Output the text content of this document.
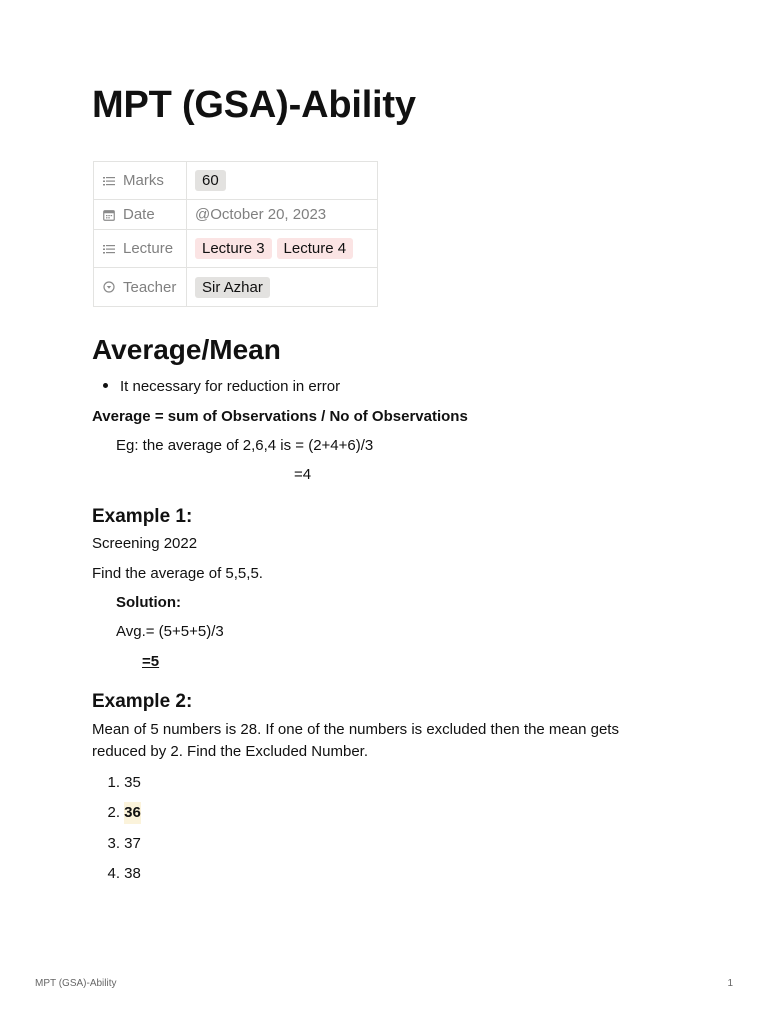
MPT (GSA)-Ability
Marks	60

Date	@October 20, 2023

Lecture	Lecture 3 Lecture 4

Teacher	Sir Azhar
Average/Mean
It necessary for reduction in error

Average = sum of Observations / No of Observations

Eg: the average of 2,6,4 is = (2+4+6)/3

=4

Example 1:

Screening 2022

Find the average of 5,5,5.

Solution:

Avg.= (5+5+5)/3

=5

Example 2:

Mean of 5 numbers is 28. If one of the numbers is excluded then the mean gets reduced by 2. Find the Excluded Number.

1. 35
2. 36
3. 37
4. 38
MPT (GSA)-Ability	1
